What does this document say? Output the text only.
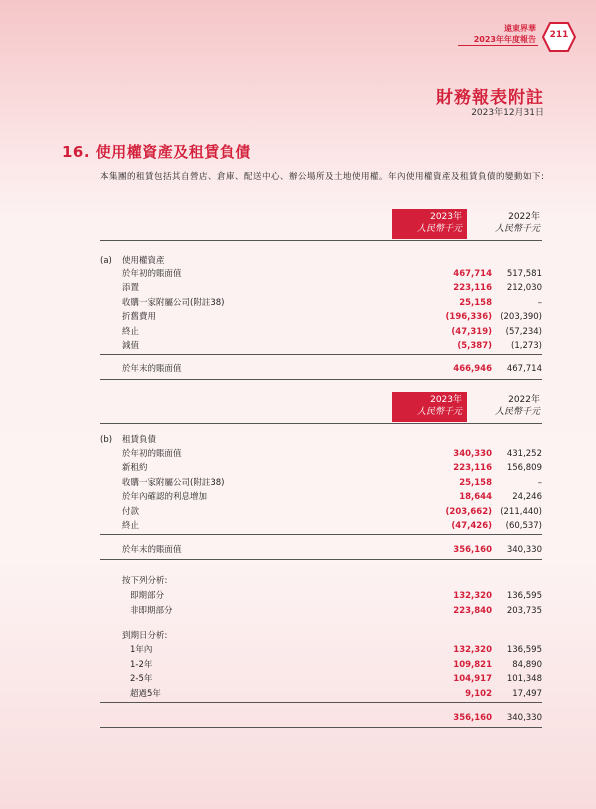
遠東界華
2023年年度報告	211
財務報表附註
2023年12月31日
16. 使用權資產及租賃負債
本集團的租賃包括其自營店、倉庫、配送中心、辦公場所及土地使用權。年內使用權資產及租賃負債的變動如下:
2023年
人民幣千元
2022年
人民幣千元
(a) 使用權資產
於年初的賬面值	467,714	517,581
添置	223,116	212,030
收購一家附屬公司(附註38)	25,158	–
折舊費用	(196,336) (203,390)
終止	(47,319)	(57,234)
減值	(5,387)	(1,273)
於年末的賬面值	466,946	467,714
2023年
人民幣千元
2022年
人民幣千元
(b) 租賃負債
於年初的賬面值	340,330	431,252
新租約	223,116	156,809
收購一家附屬公司(附註38)	25,158	–
於年內確認的利息增加	18,644	24,246
付款	(203,662) (211,440)
終止	(47,426)	(60,537)
於年末的賬面值	356,160	340,330
按下列分析:
即期部分	132,320	136,595
非即期部分	223,840	203,735
到期日分析:
1年內	132,320	136,595
1-2年	109,821	84,890
2-5年	104,917	101,348
超過5年	9,102	17,497
356,160	340,330
